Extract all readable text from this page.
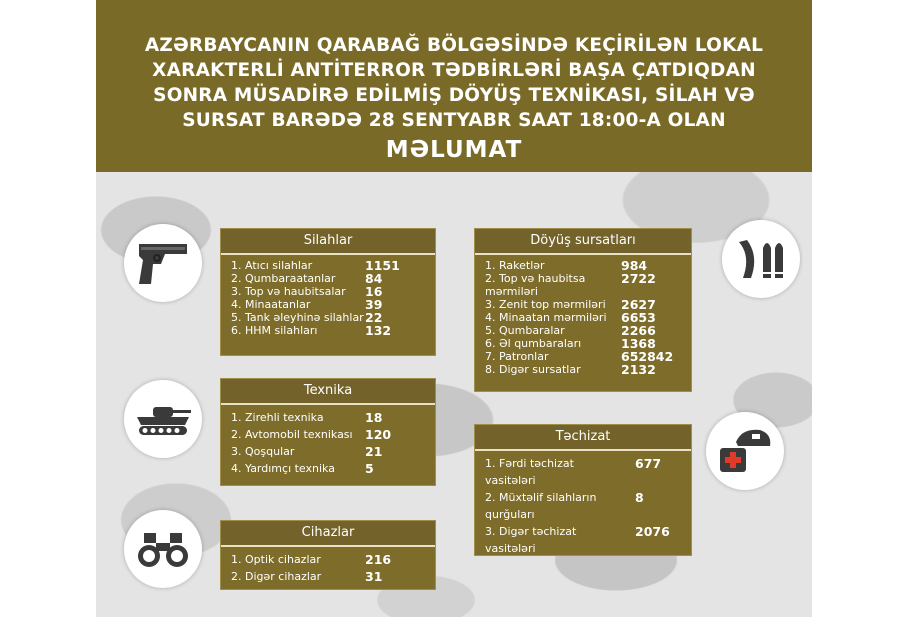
AZƏRBAYCANIN QARABAĞ BÖLGƏSİNDƏ KEÇİRİLƏN LOKAL
XARAKTERLİ ANTİTERROR TƏDBİRLƏRİ BAŞA ÇATDIQDAN
SONRA MÜSADİRƏ EDİLMİŞ DÖYÜŞ TEXNİKASI, SİLAH VƏ
SURSAT BARƏDƏ 28 SENTYABR SAAT 18:00-A OLAN
MƏLUMAT
Silahlar
1. Atıcı silahlar	1151
2. Qumbaraatanlar	84
3. Top və haubitsalar	16
4. Minaatanlar	39
5. Tank əleyhinə silahlar 22
6. HHM silahları	132
Texnika
1. Zirehli texnika	18
2. Avtomobil texnikası 120
3. Qoşqular	21
4. Yardımçı texnika	5
Cihazlar
1. Optik cihazlar	216
2. Digər cihazlar	31
Döyüş sursatları
1. Raketlər	984
2. Top və haubitsa mərmiləri
2722
3. Zenit top mərmiləri	2627
4. Minaatan mərmiləri	6653
5. Qumbaralar	2266
6. Əl qumbaraları	1368
7. Patronlar	652842
8. Digər sursatlar	2132
Təchizat
1. Fərdi təchizat vasitələri
677
2. Müxtəlif silahların qurğuları
8
3. Digər təchizat vasitələri
2076
